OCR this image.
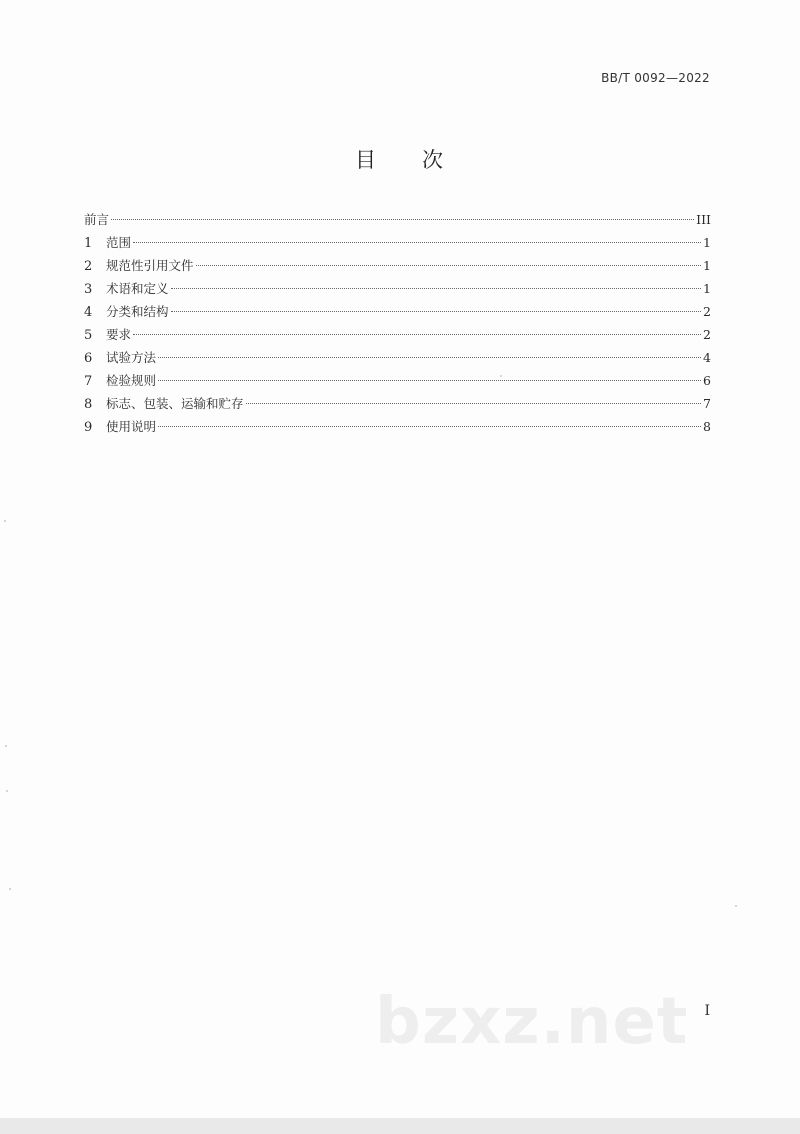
BB/T 0092—2022
目 次
前言	III
1	范围	1
2	规范性引用文件	1
3	术语和定义	1
4	分类和结构	2
5	要求	2
6	试验方法	4
7	检验规则	6
8	标志、包装、运输和贮存	7
9	使用说明	8
bzxz.net I
